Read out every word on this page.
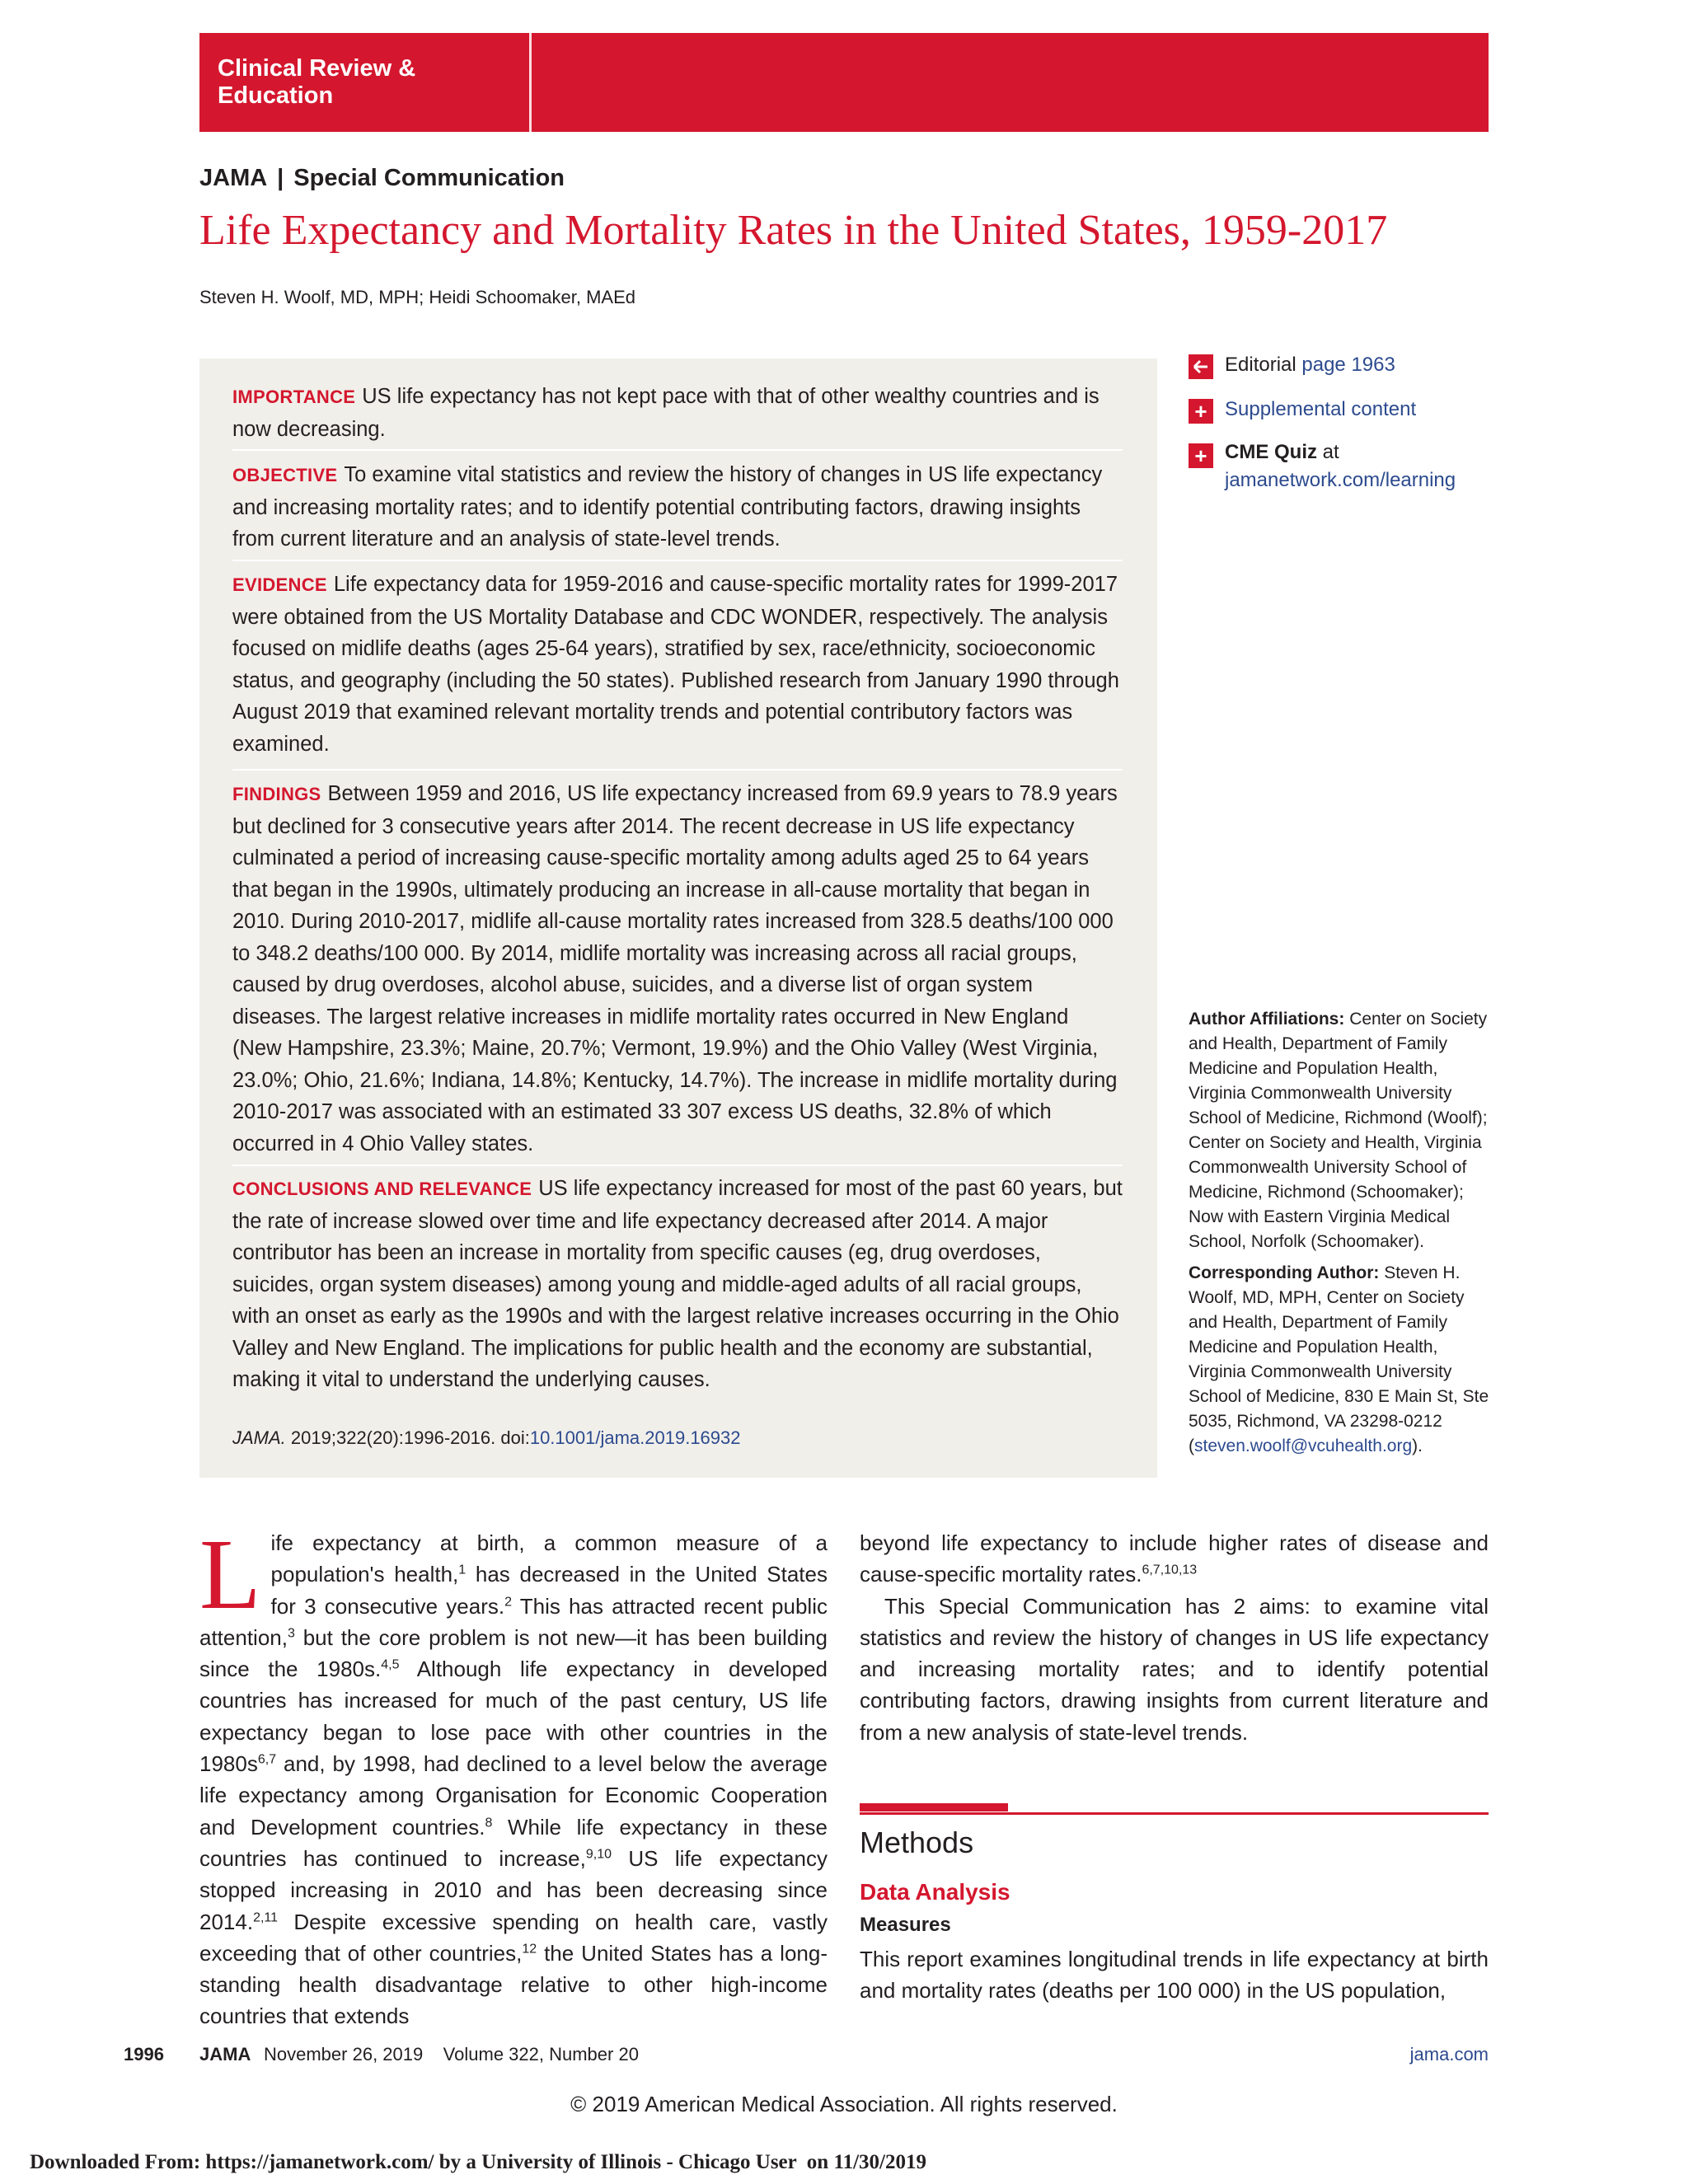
Clinical Review & Education
JAMA | Special Communication
Life Expectancy and Mortality Rates in the United States, 1959-2017
Steven H. Woolf, MD, MPH; Heidi Schoomaker, MAEd
IMPORTANCE US life expectancy has not kept pace with that of other wealthy countries and is now decreasing.
OBJECTIVE To examine vital statistics and review the history of changes in US life expectancy and increasing mortality rates; and to identify potential contributing factors, drawing insights from current literature and an analysis of state-level trends.
EVIDENCE Life expectancy data for 1959-2016 and cause-specific mortality rates for 1999-2017 were obtained from the US Mortality Database and CDC WONDER, respectively. The analysis focused on midlife deaths (ages 25-64 years), stratified by sex, race/ethnicity, socioeconomic status, and geography (including the 50 states). Published research from January 1990 through August 2019 that examined relevant mortality trends and potential contributory factors was examined.
FINDINGS Between 1959 and 2016, US life expectancy increased from 69.9 years to 78.9 years but declined for 3 consecutive years after 2014. The recent decrease in US life expectancy culminated a period of increasing cause-specific mortality among adults aged 25 to 64 years that began in the 1990s, ultimately producing an increase in all-cause mortality that began in 2010. During 2010-2017, midlife all-cause mortality rates increased from 328.5 deaths/100 000 to 348.2 deaths/100 000. By 2014, midlife mortality was increasing across all racial groups, caused by drug overdoses, alcohol abuse, suicides, and a diverse list of organ system diseases. The largest relative increases in midlife mortality rates occurred in New England (New Hampshire, 23.3%; Maine, 20.7%; Vermont, 19.9%) and the Ohio Valley (West Virginia, 23.0%; Ohio, 21.6%; Indiana, 14.8%; Kentucky, 14.7%). The increase in midlife mortality during 2010-2017 was associated with an estimated 33 307 excess US deaths, 32.8% of which occurred in 4 Ohio Valley states.
CONCLUSIONS AND RELEVANCE US life expectancy increased for most of the past 60 years, but the rate of increase slowed over time and life expectancy decreased after 2014. A major contributor has been an increase in mortality from specific causes (eg, drug overdoses, suicides, organ system diseases) among young and middle-aged adults of all racial groups, with an onset as early as the 1990s and with the largest relative increases occurring in the Ohio Valley and New England. The implications for public health and the economy are substantial, making it vital to understand the underlying causes.
JAMA. 2019;322(20):1996-2016. doi:10.1001/jama.2019.16932
Editorial page 1963
+ Supplemental content
+ CME Quiz at
jamanetwork.com/learning
Author Affiliations: Center on Society and Health, Department of Family Medicine and Population Health, Virginia Commonwealth University School of Medicine, Richmond (Woolf); Center on Society and Health, Virginia Commonwealth University School of Medicine, Richmond (Schoomaker); Now with Eastern Virginia Medical School, Norfolk (Schoomaker).
Corresponding Author: Steven H. Woolf, MD, MPH, Center on Society and Health, Department of Family Medicine and Population Health, Virginia Commonwealth University School of Medicine, 830 E Main St, Ste 5035, Richmond, VA 23298-0212 (steven.woolf@vcuhealth.org).
L ife expectancy at birth, a common measure of a population's health,$^1$ has decreased in the United States for 3 consecutive years.$^2$ This has attracted recent public attention,$^3$ but the core problem is not new—it has been building since the 1980s.$^{4,5}$ Although life expectancy in developed countries has increased for much of the past century, US life expectancy began to lose pace with other countries in the $1980s^{6,7}$ and, by 1998, had declined to a level below the average life expectancy among Organisation for Economic Cooperation and Development countries.$^8$ While life expectancy in these countries has continued to increase,$^{9,10}$ US life expectancy stopped increasing in 2010 and has been decreasing since 2014.$^{2,11}$ Despite excessive spending on health care, vastly exceeding that of other countries,$^{12}$ the United States has a long-standing health disadvantage relative to other high-income countries that extends

beyond life expectancy to include higher rates of disease and cause-specific mortality rates.$^{6,7,10,13}$

This Special Communication has 2 aims: to examine vital statistics and review the history of changes in US life expectancy and increasing mortality rates; and to identify potential contributing factors, drawing insights from current literature and from a new analysis of state-level trends.

Methods
Data Analysis
Measures
This report examines longitudinal trends in life expectancy at birth and mortality rates (deaths per 100 000) in the US population,
1996 JAMA November 26, 2019    Volume 322, Number 20	jama.com
© 2019 American Medical Association. All rights reserved.
Downloaded From: https://jamanetwork.com/ by a University of Illinois - Chicago User  on 11/30/2019
